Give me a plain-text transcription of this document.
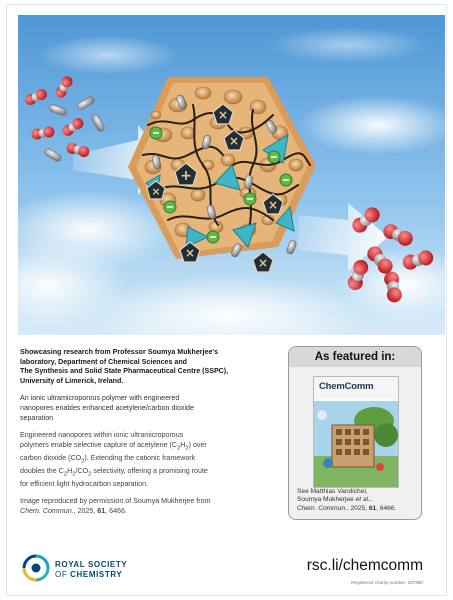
×
×
+
×
×
×
×

Showcasing research from Professor Soumya Mukherjee's
laboratory, Department of Chemical Sciences and
The Synthesis and Solid State Pharmaceutical Centre (SSPC),
University of Limerick, Ireland.

An ionic ultramicroporous polymer with engineered
nanopores enables enhanced acetylene/carbon dioxide
separation

Engineered nanopores within ionic ultramicroporous
polymers enable selective capture of acetylene $(C_2H_2)$ over
carbon dioxide $(CO_2)$. Extending the cationic framework
doubles the $C_2H_2/CO_2$ selectivity, offering a promising route
for efficient light hydrocarbon separation.

Image reproduced by permission of Soumya Mukherjee from
Chem. Commun., 2025, 61, 6466.

As featured in:
ChemComm
See Matthias Vandichel,
Soumya Mukherjee et al.,
Chem. Commun., 2025, 61, 6466.
ROYAL SOCIETY
OF CHEMISTRY	rsc.li/chemcomm
Registered charity number: 207890
